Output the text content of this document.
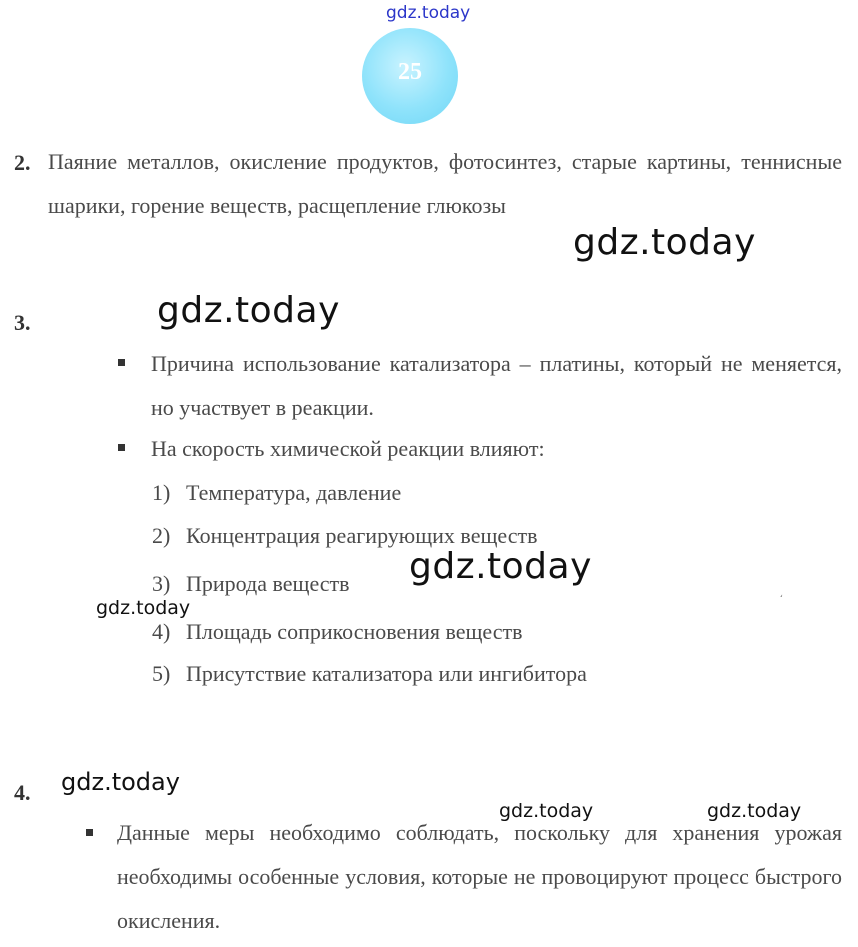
gdz.today
gdz.today
gdz.today
gdz.today
gdz.today
gdz.today
gdz.today	gdz.today
25
2. Паяние металлов, окисление продуктов, фотосинтез, старые картины, теннисные шарики, горение веществ, расщепление глюкозы
3.
Причина использование катализатора – платины, который не меняется, но участвует в реакции.
На скорость химической реакции влияют:
1) Температура, давление
2) Концентрация реагирующих веществ
3) Природа веществ
4) Площадь соприкосновения веществ
5) Присутствие катализатора или ингибитора
͵
4.
Данные меры необходимо соблюдать, поскольку для хранения урожая необходимы особенные условия, которые не провоцируют процесс быстрого окисления.
